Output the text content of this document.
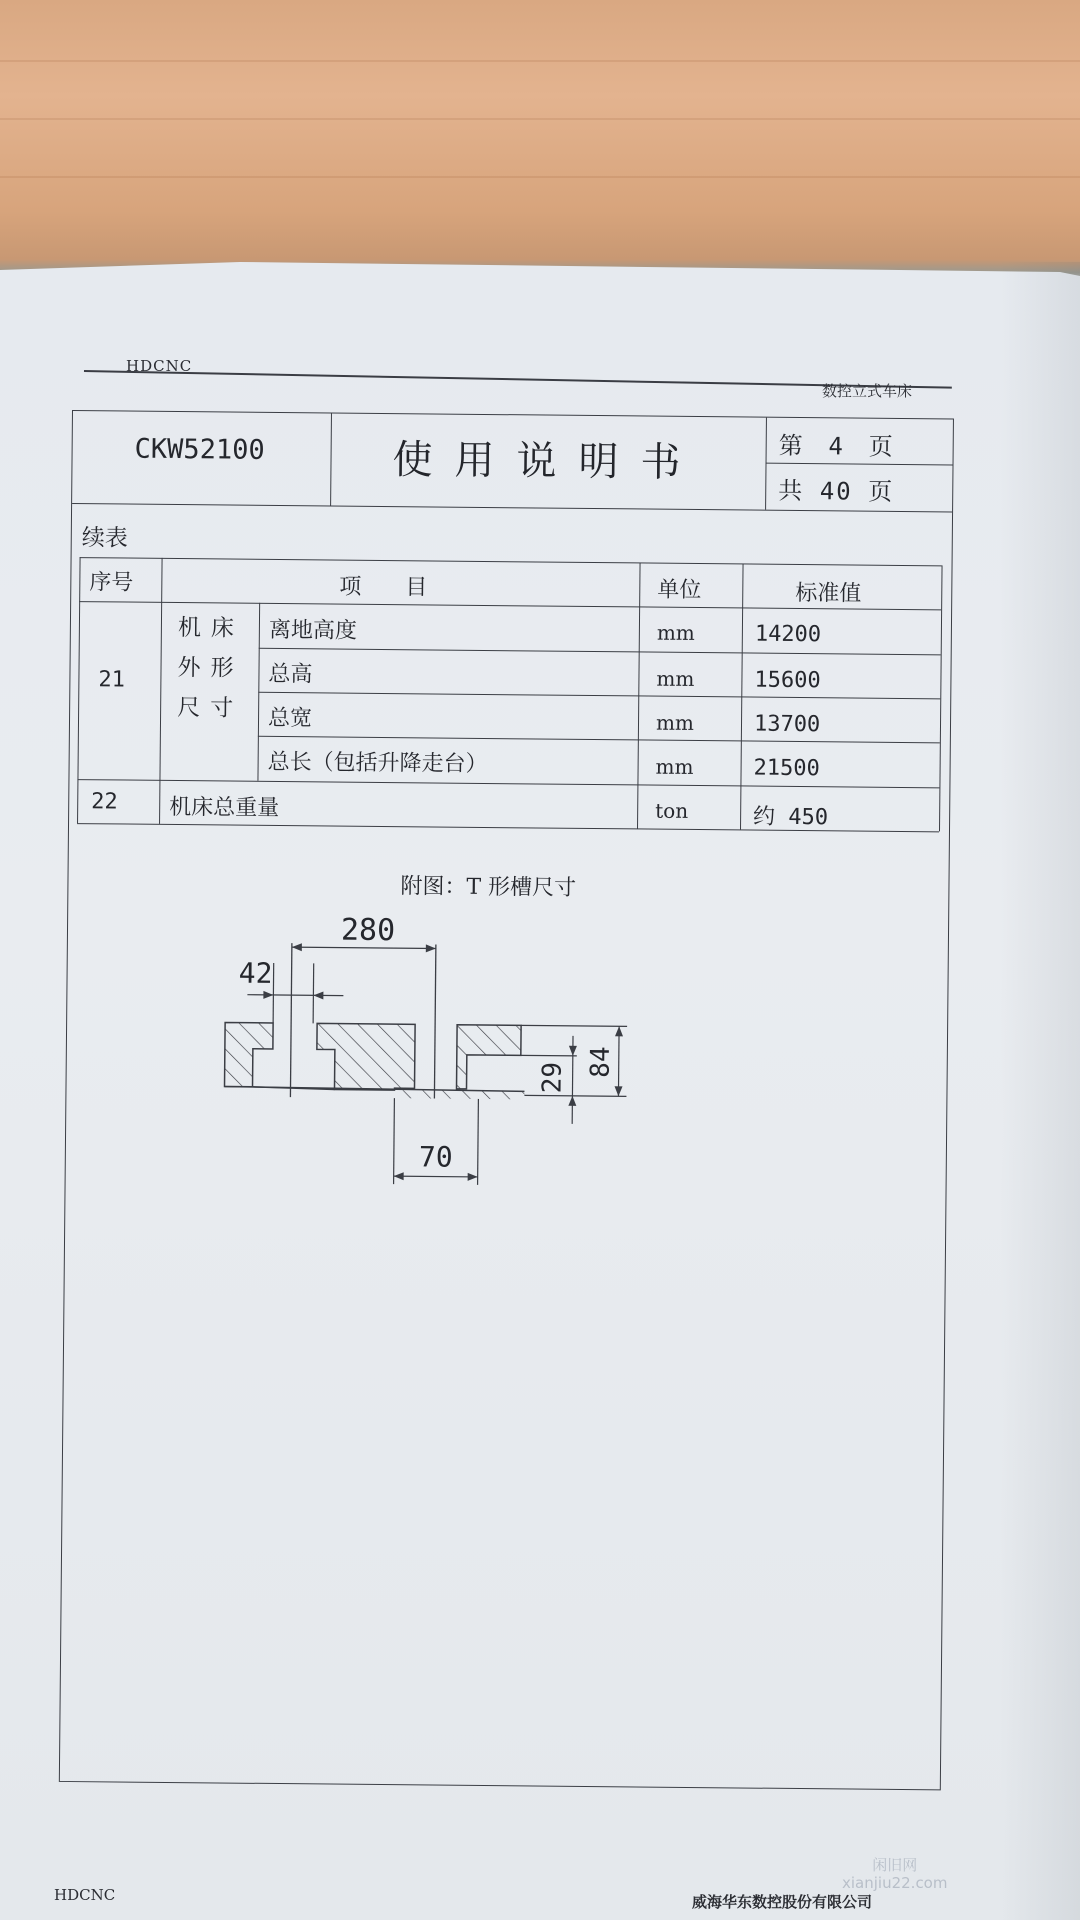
HDCNC
数控立式车床
CKW52100	使用说明书	第 4 页
共 40 页
续表
序号	项　　目	单位	标准值
21
机床外形尺寸
离地高度	mm	14200
总高	mm	15600
总宽	mm	13700
总长（包括升降走台）	mm	21500
22 机床总重量	ton	约 450
附图：T 形槽尺寸
280
42
70
29 84
闲旧网
xianjiu22.com
HDCNC	威海华东数控股份有限公司
